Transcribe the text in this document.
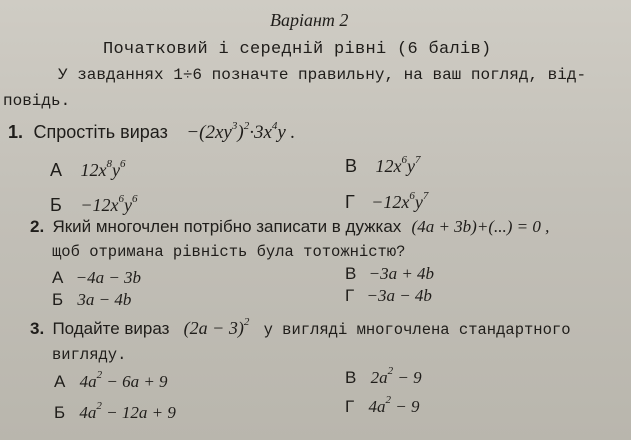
Варіант 2
Початковий і середній рівні (6 балів)
У завданнях 1÷6 позначте правильну, на ваш погляд, від-
повідь.
1. Спростіть вираз $-(2xy^3)^2\cdot 3x^4y$ .
А $12x^8y^6$	В $12x^6y^7$
$Б -12x^6y^6$	$Г -12x^6y^7$
2. Який многочлен потрібно записати в дужках (4a + 3b)+(...) = 0 ,
щоб отримана рівність була тотожністю?
А −4a − 3b	В −3a + 4b
Б 3a − 4b	Г −3a − 4b
3. Подайте вираз $(2a - 3)^2$ у вигляді многочлена стандартного
вигляду.
А $4a^2 - 6a + 9$	В $2a^2 - 9$
Б $4a^2 - 12a + 9$	Г $4a^2 - 9$
